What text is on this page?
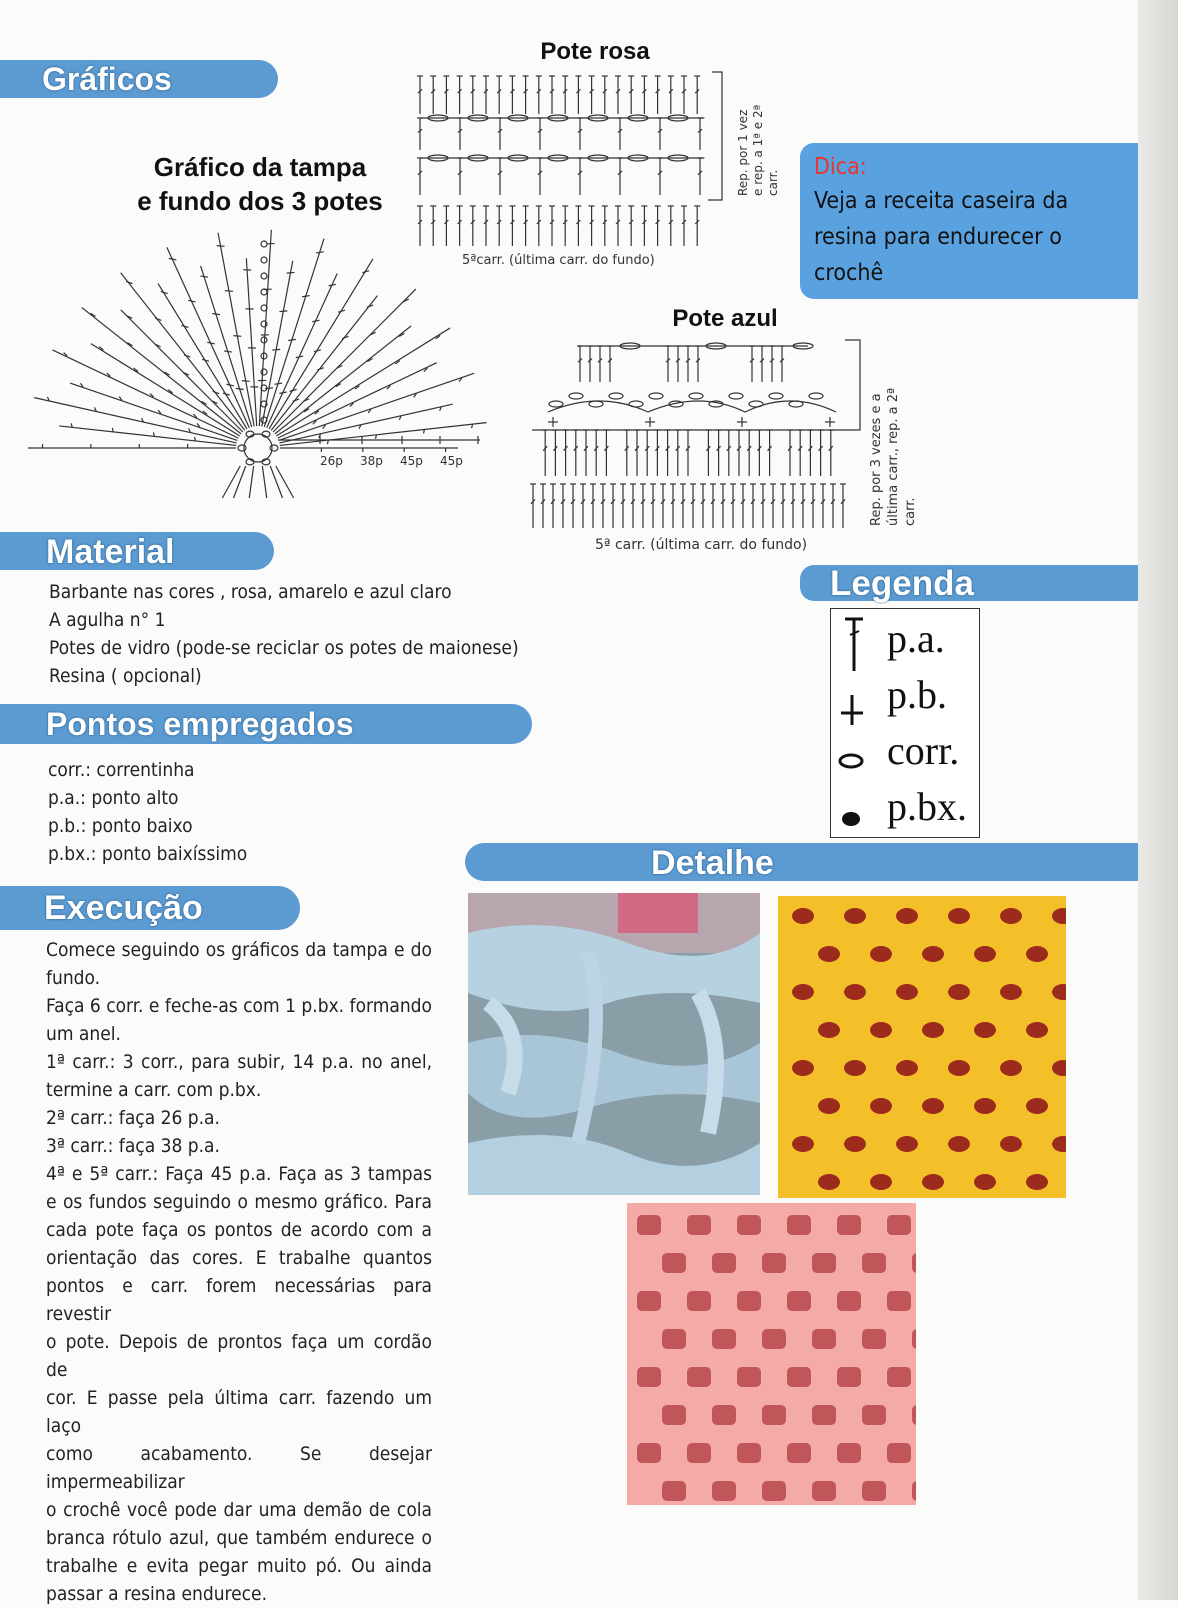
Gráficos
Gráfico da tampa
e fundo dos 3 potes
26p 38p 45p 45p
Pote rosa
5ªcarr. (última carr. do fundo)
Rep. por 1 vez e rep. a 1ª e 2ª carr.
Dica:
Veja a receita caseira da
resina para endurecer o
crochê
Pote azul
5ª carr. (última carr. do fundo)
Rep. por 3 vezes e a última carr., rep. a 2ª carr.
Material
Barbante nas cores , rosa, amarelo e azul claro
A agulha n° 1
Potes de vidro (pode-se reciclar os potes de maionese)
Resina ( opcional)
Pontos empregados
corr.: correntinha
p.a.: ponto alto
p.b.: ponto baixo
p.bx.: ponto baixíssimo
Execução
Comece seguindo os gráficos da tampa e do
fundo.
Faça 6 corr. e feche-as com 1 p.bx. formando
um anel.
1ª carr.: 3 corr., para subir, 14 p.a. no anel,
termine a carr. com p.bx.
2ª carr.: faça 26 p.a.
3ª carr.: faça 38 p.a.
4ª e 5ª carr.: Faça 45 p.a. Faça as 3 tampas
e os fundos seguindo o mesmo gráfico. Para
cada pote faça os pontos de acordo com a
orientação das cores. E trabalhe quantos
pontos e carr. forem necessárias para revestir
o pote. Depois de prontos faça um cordão de
cor. E passe pela última carr. fazendo um laço
como acabamento. Se desejar impermeabilizar
o crochê você pode dar uma demão de cola
branca rótulo azul, que também endurece o
trabalhe e evita pegar muito pó. Ou ainda
passar a resina endurece.
Legenda
p.a.
p.b.
corr.
p.bx.
Detalhe
